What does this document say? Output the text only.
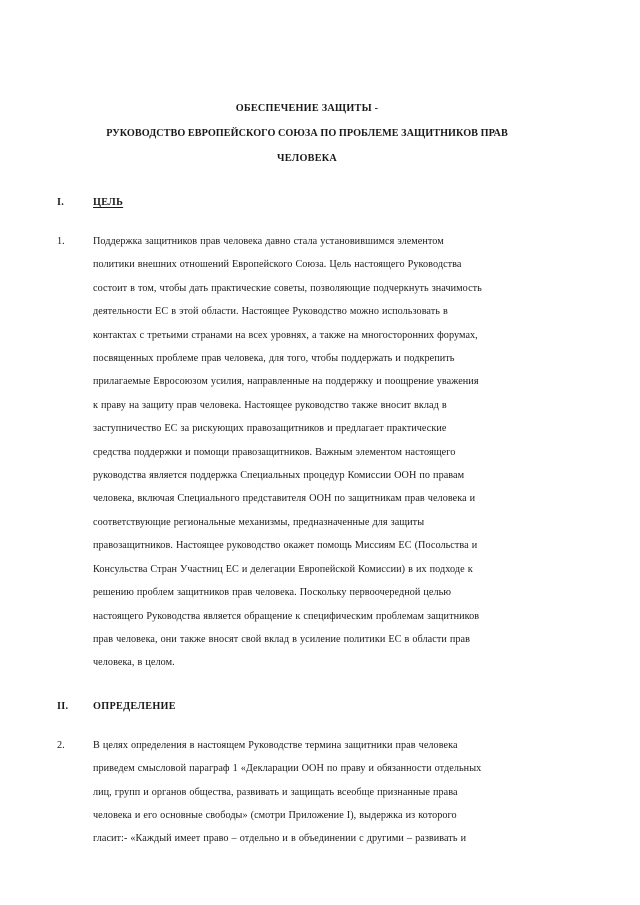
ОБЕСПЕЧЕНИЕ ЗАЩИТЫ -
РУКОВОДСТВО ЕВРОПЕЙСКОГО СОЮЗА ПО ПРОБЛЕМЕ ЗАЩИТНИКОВ ПРАВ
ЧЕЛОВЕКА
I.	ЦЕЛЬ
1.	Поддержка защитников прав человека давно стала установившимся элементом
политики внешних отношений Европейского Союза. Цель настоящего Руководства
состоит в том, чтобы дать практические советы, позволяющие подчеркнуть значимость
деятельности ЕС в этой области. Настоящее Руководство можно использовать в
контактах с третьими странами на всех уровнях, а также на многосторонних форумах,
посвященных проблеме прав человека, для того, чтобы поддержать и подкрепить
прилагаемые Евросоюзом усилия, направленные на поддержку и поощрение уважения
к праву на защиту прав человека. Настоящее руководство также вносит вклад в
заступничество ЕС за рискующих правозащитников и предлагает практические
средства поддержки и помощи правозащитников. Важным элементом настоящего
руководства является поддержка Специальных процедур Комиссии ООН по правам
человека, включая Специального представителя ООН по защитникам прав человека и
соответствующие региональные механизмы, предназначенные для защиты
правозащитников. Настоящее руководство окажет помощь Миссиям ЕС (Посольства и
Консульства Стран Участниц ЕС и делегации Европейской Комиссии) в их подходе к
решению проблем защитников прав человека. Поскольку первоочередной целью
настоящего Руководства является обращение к специфическим проблемам защитников
прав человека, они также вносят свой вклад в усиление политики ЕС в области прав
человека, в целом.
II.	ОПРЕДЕЛЕНИЕ
2.	В целях определения в настоящем Руководстве термина защитники прав человека
приведем смысловой параграф 1 «Декларации ООН по праву и обязанности отдельных
лиц, групп и органов общества, развивать и защищать всеобще признанные права
человека и его основные свободы» (смотри Приложение I), выдержка из которого
гласит:- «Каждый имеет право – отдельно и в объединении с другими – развивать и
